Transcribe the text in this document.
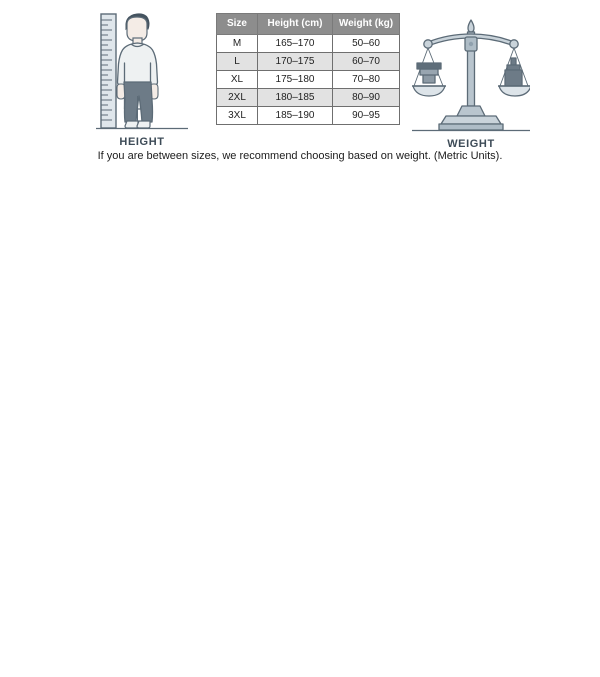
HEIGHT
Size	Height (cm)	Weight (kg)
M	165–170	50–60
L	170–175	60–70
XL	175–180	70–80
2XL	180–185	80–90
3XL	185–190	90–95
WEIGHT
If you are between sizes, we recommend choosing based on weight. (Metric Units).
